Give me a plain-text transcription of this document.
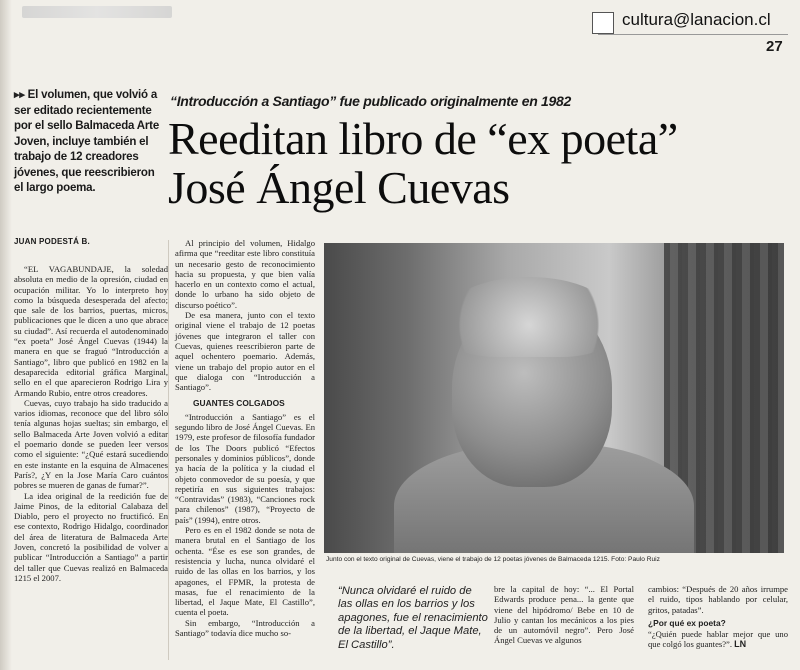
cultura@lanacion.cl
27
▸▸ El volumen, que volvió a ser editado recientemente por el sello Balmaceda Arte Joven, incluye también el trabajo de 12 creadores jóvenes, que reescribieron el largo poema.
“Introducción a Santiago” fue publicado originalmente en 1982
Reeditan libro de “ex poeta”
José Ángel Cuevas
JUAN PODESTÁ B.

“EL VAGABUNDAJE, la soledad absoluta en medio de la opresión, ciudad en ocupación militar. Yo lo interpreto hoy como la búsqueda desesperada del afecto; que sale de los barrios, puertas, micros, publicaciones que le dicen a uno que abrace su ciudad”. Así recuerda el autodenominado “ex poeta” José Ángel Cuevas (1944) la manera en que se fraguó “Introducción a Santiago”, libro que publicó en 1982 en la desaparecida editorial gráfica Marginal, sello en el que aparecieron Rodrigo Lira y Armando Rubio, entre otros creadores.

Cuevas, cuyo trabajo ha sido traducido a varios idiomas, reconoce que del libro sólo tenía algunas hojas sueltas; sin embargo, el sello Balmaceda Arte Joven volvió a editar el poemario donde se pueden leer versos como el siguiente: “¿Qué estará sucediendo en este instante en la esquina de Almacenes París?, ¿Y en la Jose María Caro cuántos pobres se mueren de ganas de fumar?”.

La idea original de la reedición fue de Jaime Pinos, de la editorial Calabaza del Diablo, pero el proyecto no fructificó. En ese contexto, Rodrigo Hidalgo, coordinador del área de literatura de Balmaceda Arte Joven, concretó la posibilidad de volver a publicar “Introducción a Santiago” a partir del taller que Cuevas realizó en Balmaceda 1215 el 2007.

Al principio del volumen, Hidalgo afirma que “reeditar este libro constituía un necesario gesto de reconocimiento hacia su propuesta, y que bien valía hacerlo en un contexto como el actual, donde lo urbano ha sido objeto de discurso poético”.

De esa manera, junto con el texto original viene el trabajo de 12 poetas jóvenes que integraron el taller con Cuevas, quienes reescribieron parte de aquel ochentero poemario. Además, viene un trabajo del propio autor en el que dialoga con “Introducción a Santiago”.

GUANTES COLGADOS

“Introducción a Santiago” es el segundo libro de José Ángel Cuevas. En 1979, este profesor de filosofía fundador de los The Doors publicó “Efectos personales y dominios públicos”, donde ya hacía de la política y la ciudad el objeto conmovedor de su poesía, y que repetiría en sus siguientes trabajos: “Contravidas” (1983), “Canciones rock para chilenos” (1987), “Proyecto de país” (1994), entre otros.

Pero es en el 1982 donde se nota de manera brutal en el Santiago de los ochenta. “Ése es ese son grandes, de resistencia y lucha, nunca olvidaré el ruido de las ollas en los barrios, y los apagones, el FPMR, la protesta de masas, fue el renacimiento de la libertad, el Jaque Mate, El Castillo”, cuenta el poeta.

Sin embargo, “Introducción a Santiago” todavía dice mucho so-

Junto con el texto original de Cuevas, viene el trabajo de 12 poetas jóvenes de Balmaceda 1215. Foto: Paulo Ruiz
“Nunca olvidaré el ruido de las ollas en los barrios y los apagones, fue el renacimiento de la libertad, el Jaque Mate, El Castillo”.

bre la capital de hoy: “... El Portal Edwards produce pena... la gente que viene del hipódromo/ Bebe en 10 de Julio y cantan los mecánicos a los pies de un automóvil negro”. Pero José Ángel Cuevas ve algunos

cambios: “Después de 20 años irrumpe el ruido, tipos hablando por celular, gritos, patadas”.

¿Por qué ex poeta?

“¿Quién puede hablar mejor que uno que colgó los guantes?”. LN
